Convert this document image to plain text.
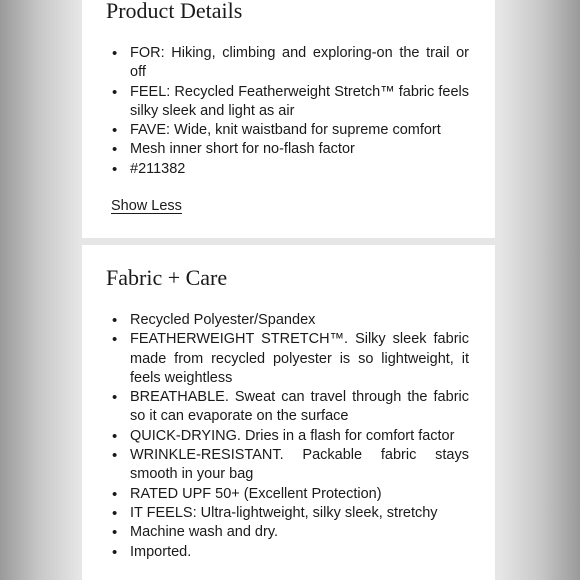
Product Details
• FOR: Hiking, climbing and exploring-on the trail or off
• FEEL: Recycled Featherweight Stretch™ fabric feels silky sleek and light as air
• FAVE: Wide, knit waistband for supreme comfort
• Mesh inner short for no-flash factor
• #211382
Show Less
Fabric + Care
• Recycled Polyester/Spandex
• FEATHERWEIGHT STRETCH™. Silky sleek fabric made from recycled polyester is so lightweight, it feels weightless
• BREATHABLE. Sweat can travel through the fabric so it can evaporate on the surface
• QUICK-DRYING. Dries in a flash for comfort factor
• WRINKLE-RESISTANT. Packable fabric stays smooth in your bag
• RATED UPF 50+ (Excellent Protection)
• IT FEELS: Ultra-lightweight, silky sleek, stretchy
• Machine wash and dry.
• Imported.
